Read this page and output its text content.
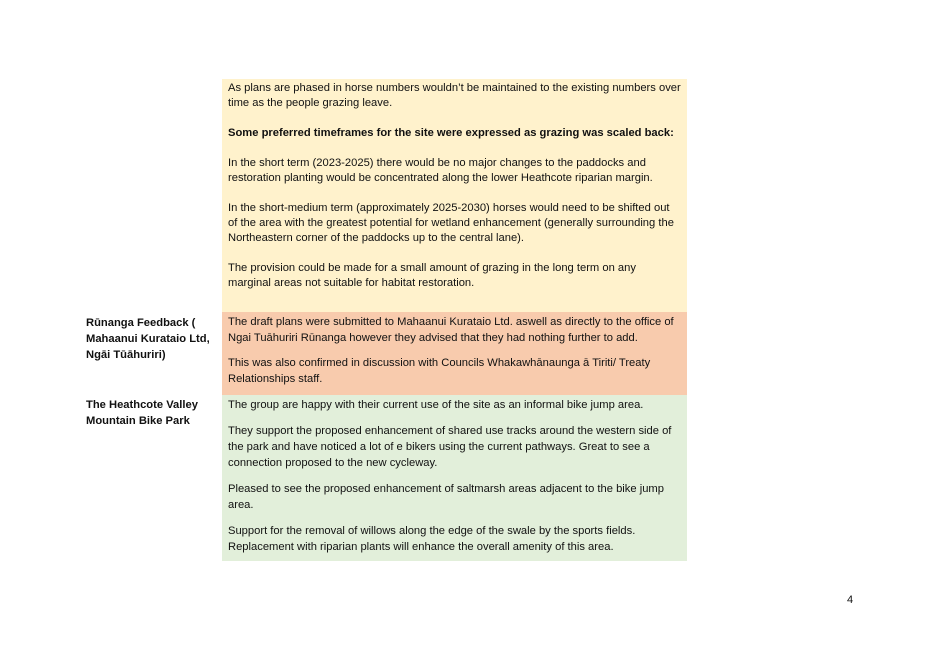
As plans are phased in horse numbers wouldn’t be maintained to the existing numbers over time as the people grazing leave.

Some preferred timeframes for the site were expressed as grazing was scaled back:

In the short term (2023-2025) there would be no major changes to the paddocks and restoration planting would be concentrated along the lower Heathcote riparian margin.

In the short-medium term (approximately 2025-2030) horses would need to be shifted out of the area with the greatest potential for wetland enhancement (generally surrounding the Northeastern corner of the paddocks up to the central lane).

The provision could be made for a small amount of grazing in the long term on any marginal areas not suitable for habitat restoration.

Rūnanga Feedback (
Mahaanui Kurataio Ltd,
Ngāi Tūāhuriri)

The draft plans were submitted to Mahaanui Kurataio Ltd. aswell as directly to the office of Ngai Tuāhuriri Rūnanga however they advised that they had nothing further to add.

This was also confirmed in discussion with Councils Whakawhānaunga ā Tiriti/ Treaty Relationships staff.

The Heathcote Valley
Mountain Bike Park

The group are happy with their current use of the site as an informal bike jump area.

They support the proposed enhancement of shared use tracks around the western side of the park and have noticed a lot of e bikers using the current pathways. Great to see a connection proposed to the new cycleway.

Pleased to see the proposed enhancement of saltmarsh areas adjacent to the bike jump area.

Support for the removal of willows along the edge of the swale by the sports fields. Replacement with riparian plants will enhance the overall amenity of this area.

4
